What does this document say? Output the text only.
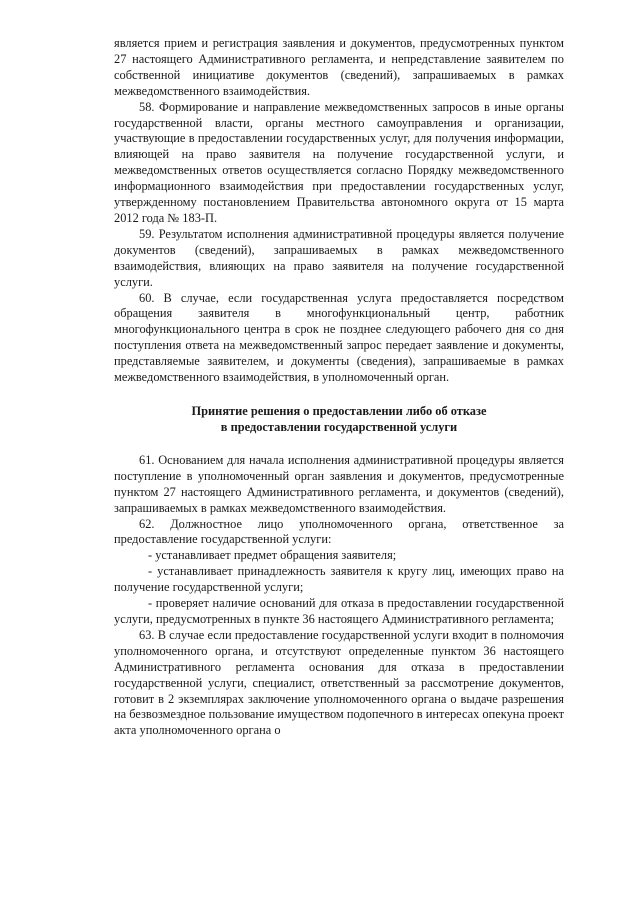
является прием и регистрация заявления и документов, предусмотренных пунктом 27 настоящего Административного регламента, и непредставление заявителем по собственной инициативе документов (сведений), запрашиваемых в рамках межведомственного взаимодействия.

58. Формирование и направление межведомственных запросов в иные органы государственной власти, органы местного самоуправления и организации, участвующие в предоставлении государственных услуг, для получения информации, влияющей на право заявителя на получение государственной услуги, и межведомственных ответов осуществляется согласно Порядку межведомственного информационного взаимодействия при предоставлении государственных услуг, утвержденному постановлением Правительства автономного округа от 15 марта 2012 года № 183-П.

59. Результатом исполнения административной процедуры является получение документов (сведений), запрашиваемых в рамках межведомственного взаимодействия, влияющих на право заявителя на получение государственной услуги.

60. В случае, если государственная услуга предоставляется посредством обращения заявителя в многофункциональный центр, работник многофункционального центра в срок не позднее следующего рабочего дня со дня поступления ответа на межведомственный запрос передает заявление и документы, представляемые заявителем, и документы (сведения), запрашиваемые в рамках межведомственного взаимодействия, в уполномоченный орган.

Принятие решения о предоставлении либо об отказе
в предоставлении государственной услуги

61. Основанием для начала исполнения административной процедуры является поступление в уполномоченный орган заявления и документов, предусмотренные пунктом 27 настоящего Административного регламента, и документов (сведений), запрашиваемых в рамках межведомственного взаимодействия.

62. Должностное лицо уполномоченного органа, ответственное за предоставление государственной услуги:

- устанавливает предмет обращения заявителя;

- устанавливает принадлежность заявителя к кругу лиц, имеющих право на получение государственной услуги;

- проверяет наличие оснований для отказа в предоставлении государственной услуги, предусмотренных в пункте 36 настоящего Административного регламента;

63. В случае если предоставление государственной услуги входит в полномочия уполномоченного органа, и отсутствуют определенные пунктом 36 настоящего Административного регламента основания для отказа в предоставлении государственной услуги, специалист, ответственный за рассмотрение документов, готовит в 2 экземплярах заключение уполномоченного органа о выдаче разрешения на безвозмездное пользование имуществом подопечного в интересах опекуна проект акта уполномоченного органа о
